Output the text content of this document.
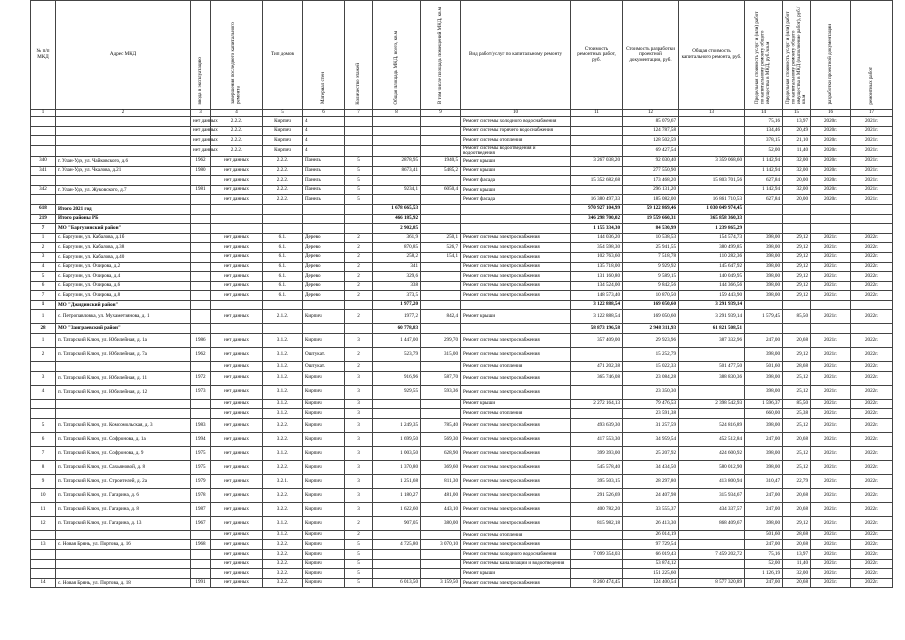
№ п/п МКД	Адрес МКД	ввода в эксплуатацию	завершения последнего капитального ремонта	Тип домов	Материал стен	Количество этажей	Общая площадь МКД, всего, кв.м	В том числе площадь помещений МКД, кв.м	Вид работ/услуг по капитальному ремонту	Стоимость ремонтных работ, руб.	Стоимость разработки проектной документации, руб.	Общая стоимость капитального ремонта, руб.	Предельная стоимость услуг и (или) работ по капитальному ремонту общего имущества в МКД, руб./кв.м	Предельная стоимость услуг и (или) работ по капитальному ремонту общего имущества в МКД (выполнение работ), руб./кв.м	разработки проектной документации	ремонтных работ
1	2	3	4	5	6	7	8	9	10	11	12	13	14	15	16	17
		нет данных	2.2.2.	Кирпич	4				Ремонт системы холодного водоснабжения		85 079,67		75,16	13,97	2020г.	2021г.
		нет данных	2.2.2.	Кирпич	4				Ремонт системы горячего водоснабжения		124 787,58		134,46	20,49	2020г.	2021г.
		нет данных	2.2.2.	Кирпич	4				Ремонт системы отопления		128 502,59		378,15	21,10	2020г.	2021г.
		нет данных	2.2.2.	Кирпич	4				Ремонт системы водоотведения и водоотведения		69 427,54		52,00	11,40	2020г.	2021г.
340	г. Улан-Удэ, ул. Чайковского, д.6	1962	нет данных	2.2.2.	Панель	5	2878,95	1940,5	Ремонт крыши	3 267 038,20	92 030,40	3 359 068,60	1 142,94	32,00	2020г.	2021г.
341	г. Улан-Удэ, ул. Чкалова, д.21	1980	нет данных	2.2.2.	Панель	5	8673,41	5485,2	Ремонт крыши		277 550,90		1 142,94	32,00	2020г.	2021г.
			нет данных	2.2.2.	Панель	5			Ремонт фасада	15 352 682,68	173 468,20	15 803 701,56	627,84	20,00	2020г.	2021г.
342	г. Улан-Удэ, ул. Жуковского, д.7	1981	нет данных	2.2.2.	Панель	5	9234,1	6050,4	Ремонт крыши		296 131,20		1 142,94	32,00	2020г.	2021г.
			нет данных	2.2.2.	Панель	5			Ремонт фасада	16 380 497,33	185 082,00	16 861 710,53	627,84	20,00	2020г.	2021г.
618	Итого 2021 год						1 678 665,53			970 927 104,99	59 122 869,46	1 030 049 974,45				
219	Итого районы РБ						466 185,92			346 298 700,02	19 559 660,31	365 858 360,33				
7	МО "Баргузинский район"						2 902,85			1 155 334,30	84 530,99	1 239 865,29				
1	с. Баргузин, ул. Кабалова, д.1б		нет данных	6.1.	Дерево	2	361,9	250,1	Ремонт системы электроснабжения	144 036,20	10 538,53	154 574,73	398,00	29,12	2021г.	2022г.
2	с. Баргузин, ул. Кабалова, д.38		нет данных	6.1.	Дерево	2	870,85	526,7	Ремонт системы электроснабжения	354 598,30	25 941,55	380 499,85	398,00	29,12	2021г.	2022г.
3	с. Баргузин, ул. Кабалова, д.40		нет данных	6.1.	Дерево	2	258,2	154,1	Ремонт системы электроснабжения	102 763,60	7 518,78	110 282,36	398,00	29,12	2021г.	2022г.
4	с. Баргузин, ул. Очирова, д.2		нет данных	6.1.	Дерево	2	341		Ремонт системы электроснабжения	135 718,00	9 929,92	145 647,92	398,00	29,12	2021г.	2022г.
5	с. Баргузин, ул. Очирова, д.4		нет данных	6.1.	Дерево	2	329,6		Ремонт системы электроснабжения	131 160,80	9 589,15	140 049,95	398,00	29,12	2021г.	2022г.
6	с. Баргузин, ул. Очирова, д.6		нет данных	6.1.	Дерево	2	338		Ремонт системы электроснабжения	134 524,00	9 842,56	144 366,56	398,00	29,12	2021г.	2022г.
7	с. Баргузин, ул. Очирова, д.8		нет данных	6.1.	Дерево	2	373,5		Ремонт системы электроснабжения	148 573,40	10 870,50	159 443,90	398,00	29,12	2021г.	2022г.
1	МО "Джидинский район"						1 977,20			3 122 888,54	169 050,60	3 291 939,14				
1	с. Петропавловка, ул. Мухаметзянова, д. 1		нет данных	2.1.2.	Кирпич	2	1977,2	842,4	Ремонт крыши	3 122 888,54	169 050,60	3 291 939,14	1 579,45	85,50	2021г.	2022г.
28	МО "Заиграевский район"						60 778,83			58 873 196,58	2 948 311,93	61 821 508,51				
1	п. Татарский Ключ, ул. Юбилейная, д. 1а	1986	нет данных	3.1.2.	Кирпич	3	1 447,00	299,70	Ремонт системы электроснабжения	357 409,00	29 923,96	387 332,96	247,00	20,68	2021г.	2022г.
2	п. Татарский Ключ, ул. Юбилейная, д. 7а	1962	нет данных	3.1.2.	Оштукат.	2	523,79	315,00	Ремонт системы электроснабжения		15 252,79		398,00	29,12	2021г.	2022г.
			нет данных	3.1.2.	Оштукат.	2			Ремонт системы отопления	471 202,38	15 022,33	501 477,50	501,60	28,68	2021г.	2022г.
3	п. Татарский Ключ, ул. Юбилейная, д. 11	1972	нет данных	3.1.2.	Кирпич	3	916,96	587,70	Ремонт системы электроснабжения	365 746,08	23 084,28	388 830,36	398,00	25,12	2021г.	2022г.
4	п. Татарский Ключ, ул. Юбилейная, д. 12	1973	нет данных	3.1.2.	Кирпич	3	929,55	593,36	Ремонт системы электроснабжения		23 350,30		398,00	25,12	2021г.	2022г.
			нет данных	3.1.2.	Кирпич	3			Ремонт крыши	2 272 164,13	79 476,53	2 398 542,93	1 596,37	85,50	2021г.	2022г.
			нет данных	3.1.2.	Кирпич	3			Ремонт системы отопления		23 591,38		660,00	25,38	2021г.	2022г.
5	п. Татарский Ключ, ул. Комсомольская, д. 3	1983	нет данных	3.2.2.	Кирпич	3	1 249,35	785,40	Ремонт системы электроснабжения	493 639,30	31 257,59	524 816,89	398,00	25,12	2021г.	2022г.
6	п. Татарский Ключ, ул. Софронова, д. 1а	1994	нет данных	3.2.2.	Кирпич	3	1 699,50	569,30	Ремонт системы электроснабжения	417 553,30	34 959,54	452 512,84	247,00	20,68	2021г.	2022г.
7	п. Татарский Ключ, ул. Софронова, д. 9	1975	нет данных	3.1.2.	Кирпич	3	1 003,50	628,90	Ремонт системы электроснабжения	399 393,00	25 207,92	424 600,92	398,00	25,12	2021г.	2022г.
8	п. Татарский Ключ, ул. Сахьяновой, д. 8	1975	нет данных	3.2.2.	Кирпич	3	1 370,80	369,60	Ремонт системы электроснабжения	545 578,40	34 434,50	580 012,90	398,00	25,12	2021г.	2022г.
9	п. Татарский Ключ, ул. Строителей, д. 2а	1979	нет данных	3.2.1.	Кирпич	3	1 251,68	811,30	Ремонт системы электроснабжения	395 503,15	28 297,80	413 800,94	310,47	22,79	2021г.	2022г.
10	п. Татарский Ключ, ул. Гагарина, д. 6	1978	нет данных	3.2.2.	Кирпич	3	1 180,27	481,00	Ремонт системы электроснабжения	291 526,69	24 407,98	315 934,67	247,00	20,68	2021г.	2022г.
11	п. Татарский Ключ, ул. Гагарина, д. 8	1987	нет данных	3.2.2.	Кирпич	3	1 622,60	443,10	Ремонт системы электроснабжения	400 782,20	33 555,37	434 337,57	247,00	20,68	2021г.	2022г.
12	п. Татарский Ключ, ул. Гагарина, д. 13	1967	нет данных	3.1.2.	Кирпич	2	907,05	380,00	Ремонт системы электроснабжения	815 982,18	26 413,30	868 409,67	398,00	29,12	2021г.	2022г.
			нет данных	3.1.2.	Кирпич	2			Ремонт системы отопления		26 014,19		501,60	28,68	2021г.	2022г.
13	с. Новая Брянь, ул. Портова, д. 16	1968	нет данных	3.2.2.	Кирпич	5	4 725,80	3 070,10	Ремонт системы электроснабжения		97 729,54		247,00	20,68	2021г.	2022г.
			нет данных	3.2.2.	Кирпич	5			Ремонт системы холодного водоснабжения	7 099 354,03	66 019,43	7 459 202,72	75,16	13,97	2021г.	2022г.
			нет данных	3.2.2.	Кирпич	5			Ремонт системы канализации и водоотведения		53 874,12		52,00	11,40	2021г.	2022г.
			нет данных	3.2.2.	Кирпич	5			Ремонт крыши		151 225,60		1 126,19	32,00	2021г.	2022г.
14	с. Новая Брянь, ул. Портова, д. 18	1991	нет данных	3.2.2.	Кирпич	5	6 013,50	3 159,50	Ремонт системы электроснабжения	8 260 474,45	124 400,54	8 577 320,89	247,00	20,68	2021г.	2022г.
